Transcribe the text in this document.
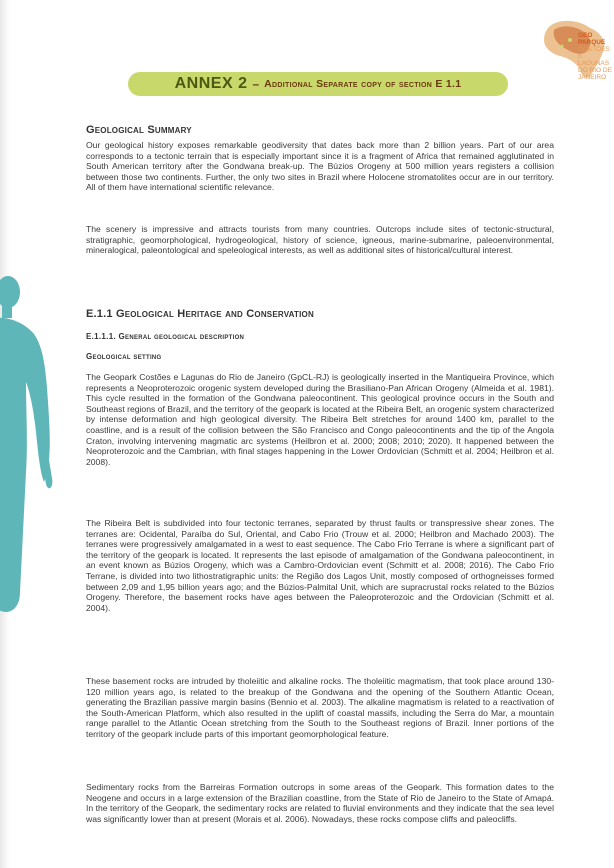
GEO
PARQUE
COSTÕES
E LAGUNAS
DO RIO DE
JANEIRO
ANNEX 2 – Additional Separate copy of section E 1.1
Geological Summary

Our geological history exposes remarkable geodiversity that dates back more than 2 billion years. Part of our area corresponds to a tectonic terrain that is especially important since it is a fragment of Africa that remained agglutinated in South American territory after the Gondwana break-up. The Búzios Orogeny at 500 million years registers a collision between those two continents. Further, the only two sites in Brazil where Holocene stromatolites occur are in our territory. All of them have international scientific relevance.

The scenery is impressive and attracts tourists from many countries. Outcrops include sites of tectonic-structural, stratigraphic, geomorphological, hydrogeological, history of science, igneous, marine-submarine, paleoenvironmental, mineralogical, paleontological and speleological interests, as well as additional sites of historical/cultural interest.

E.1.1 Geological Heritage and Conservation
E.1.1.1. General geological description
Geological setting

The Geopark Costões e Lagunas do Rio de Janeiro (GpCL-RJ) is geologically inserted in the Mantiqueira Province, which represents a Neoproterozoic orogenic system developed during the Brasiliano-Pan African Orogeny (Almeida et al. 1981). This cycle resulted in the formation of the Gondwana paleocontinent. This geological province occurs in the South and Southeast regions of Brazil, and the territory of the geopark is located at the Ribeira Belt, an orogenic system characterized by intense deformation and high geological diversity. The Ribeira Belt stretches for around 1400 km, parallel to the coastline, and is a result of the collision between the São Francisco and Congo paleocontinents and the tip of the Angola Craton, involving intervening magmatic arc systems (Heilbron et al. 2000; 2008; 2010; 2020). It happened between the Neoproterozoic and the Cambrian, with final stages happening in the Lower Ordovician (Schmitt et al. 2004; Heilbron et al. 2008).

The Ribeira Belt is subdivided into four tectonic terranes, separated by thrust faults or transpressive shear zones. The terranes are: Ocidental, Paraíba do Sul, Oriental, and Cabo Frio (Trouw et al. 2000; Heilbron and Machado 2003). The terranes were progressively amalgamated in a west to east sequence. The Cabo Frio Terrane is where a significant part of the territory of the geopark is located. It represents the last episode of amalgamation of the Gondwana paleocontinent, in an event known as Búzios Orogeny, which was a Cambro-Ordovician event (Schmitt et al. 2008; 2016). The Cabo Frio Terrane, is divided into two lithostratigraphic units: the Região dos Lagos Unit, mostly composed of orthogneisses formed between 2,09 and 1,95 billion years ago; and the Búzios-Palmital Unit, which are supracrustal rocks related to the Búzios Orogeny. Therefore, the basement rocks have ages between the Paleoproterozoic and the Ordovician (Schmitt et al. 2004).

These basement rocks are intruded by tholeiitic and alkaline rocks. The tholeiitic magmatism, that took place around 130-120 million years ago, is related to the breakup of the Gondwana and the opening of the Southern Atlantic Ocean, generating the Brazilian passive margin basins (Bennio et al. 2003). The alkaline magmatism is related to a reactivation of the South-American Platform, which also resulted in the uplift of coastal massifs, including the Serra do Mar, a mountain range parallel to the Atlantic Ocean stretching from the South to the Southeast regions of Brazil. Inner portions of the territory of the geopark include parts of this important geomorphological feature.

Sedimentary rocks from the Barreiras Formation outcrops in some areas of the Geopark. This formation dates to the Neogene and occurs in a large extension of the Brazilian coastline, from the State of Rio de Janeiro to the State of Amapá. In the territory of the Geopark, the sedimentary rocks are related to fluvial environments and they indicate that the sea level was significantly lower than at present (Morais et al. 2006). Nowadays, these rocks compose cliffs and paleocliffs.
